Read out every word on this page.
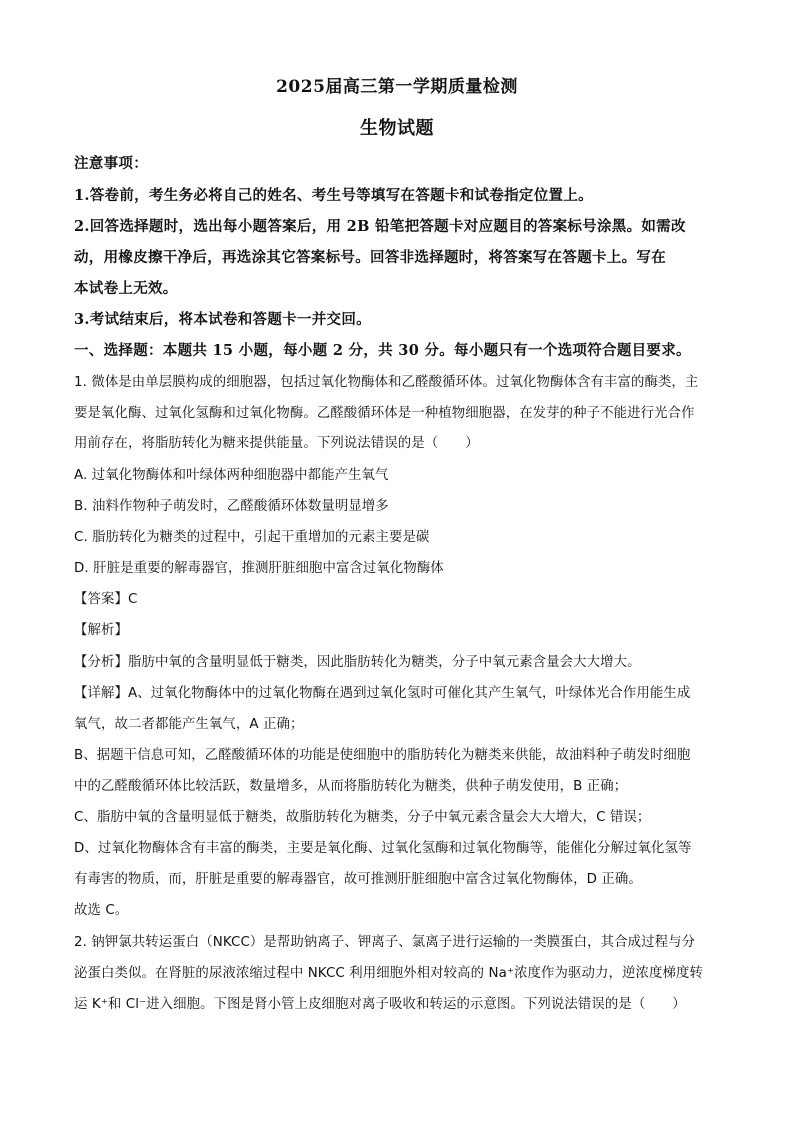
2025届高三第一学期质量检测
生物试题
注意事项：
1.答卷前，考生务必将自己的姓名、考生号等填写在答题卡和试卷指定位置上。
2.回答选择题时，选出每小题答案后，用 2B 铅笔把答题卡对应题目的答案标号涂黑。如需改
动，用橡皮擦干净后，再选涂其它答案标号。回答非选择题时，将答案写在答题卡上。写在
本试卷上无效。
3.考试结束后，将本试卷和答题卡一并交回。
一、选择题：本题共 15 小题，每小题 2 分，共 30 分。每小题只有一个选项符合题目要求。
1. 微体是由单层膜构成的细胞器，包括过氧化物酶体和乙醛酸循环体。过氧化物酶体含有丰富的酶类，主
要是氧化酶、过氧化氢酶和过氧化物酶。乙醛酸循环体是一种植物细胞器，在发芽的种子不能进行光合作
用前存在，将脂肪转化为糖来提供能量。下列说法错误的是（　　）
A. 过氧化物酶体和叶绿体两种细胞器中都能产生氧气
B. 油料作物种子萌发时，乙醛酸循环体数量明显增多
C. 脂肪转化为糖类的过程中，引起干重增加的元素主要是碳
D. 肝脏是重要的解毒器官，推测肝脏细胞中富含过氧化物酶体
【答案】C
【解析】
【分析】脂肪中氧的含量明显低于糖类，因此脂肪转化为糖类，分子中氧元素含量会大大增大。
【详解】A、过氧化物酶体中的过氧化物酶在遇到过氧化氢时可催化其产生氧气，叶绿体光合作用能生成
氧气，故二者都能产生氧气，A 正确；
B、据题干信息可知，乙醛酸循环体的功能是使细胞中的脂肪转化为糖类来供能，故油料种子萌发时细胞
中的乙醛酸循环体比较活跃，数量增多，从而将脂肪转化为糖类，供种子萌发使用，B 正确；
C、脂肪中氧的含量明显低于糖类，故脂肪转化为糖类，分子中氧元素含量会大大增大，C 错误；
D、过氧化物酶体含有丰富的酶类，主要是氧化酶、过氧化氢酶和过氧化物酶等，能催化分解过氧化氢等
有毒害的物质，而，肝脏是重要的解毒器官，故可推测肝脏细胞中富含过氧化物酶体，D 正确。
故选 C。
2. 钠钾氯共转运蛋白（NKCC）是帮助钠离子、钾离子、氯离子进行运输的一类膜蛋白，其合成过程与分
泌蛋白类似。在肾脏的尿液浓缩过程中 NKCC 利用细胞外相对较高的 Na⁺浓度作为驱动力，逆浓度梯度转
运 K⁺和 Cl⁻进入细胞。下图是肾小管上皮细胞对离子吸收和转运的示意图。下列说法错误的是（　　）
